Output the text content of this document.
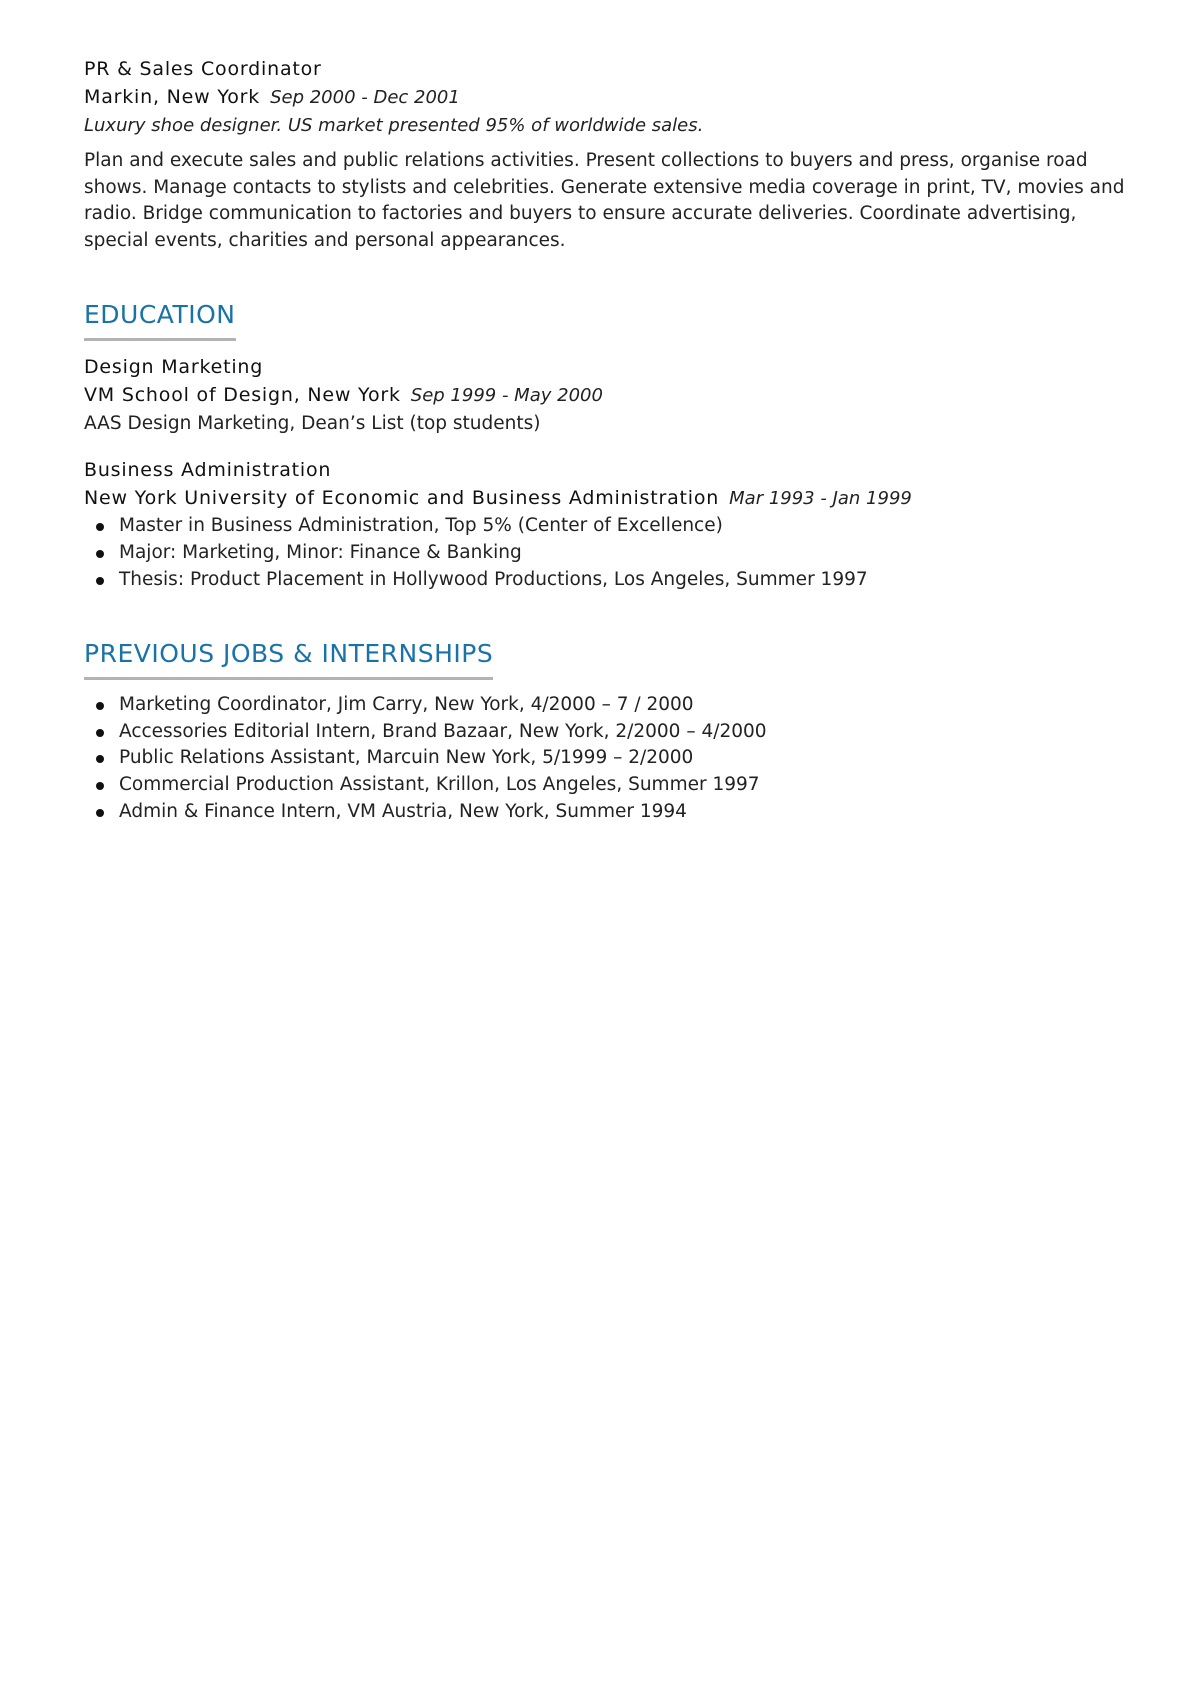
PR & Sales Coordinator
Markin, New York Sep 2000 - Dec 2001
Luxury shoe designer. US market presented 95% of worldwide sales.
Plan and execute sales and public relations activities. Present collections to buyers and press, organise road shows. Manage contacts to stylists and celebrities. Generate extensive media coverage in print, TV, movies and radio. Bridge communication to factories and buyers to ensure accurate deliveries. Coordinate advertising, special events, charities and personal appearances.
EDUCATION
Design Marketing
VM School of Design, New York Sep 1999 - May 2000
AAS Design Marketing, Dean’s List (top students)
Business Administration
New York University of Economic and Business Administration Mar 1993 - Jan 1999
Master in Business Administration, Top 5% (Center of Excellence)
Major: Marketing, Minor: Finance & Banking
Thesis: Product Placement in Hollywood Productions, Los Angeles, Summer 1997
PREVIOUS JOBS & INTERNSHIPS
Marketing Coordinator, Jim Carry, New York, 4/2000 – 7 / 2000
Accessories Editorial Intern, Brand Bazaar, New York, 2/2000 – 4/2000
Public Relations Assistant, Marcuin New York, 5/1999 – 2/2000
Commercial Production Assistant, Krillon, Los Angeles, Summer 1997
Admin & Finance Intern, VM Austria, New York, Summer 1994
